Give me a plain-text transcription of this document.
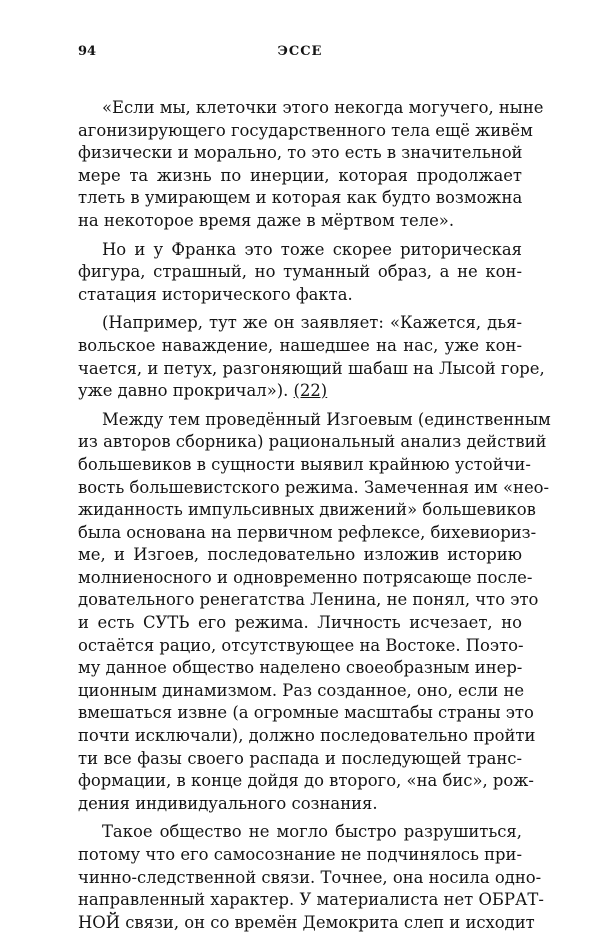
94	ЭССЕ

«Если мы, клеточки этого некогда могучего, ныне
агонизирующего государственного тела ещё живём
физически и морально, то это есть в значительной
мере та жизнь по инерции, которая продолжает
тлеть в умирающем и которая как будто возможна
на некоторое время даже в мёртвом теле».

Но и у Франка это тоже скорее риторическая
фигура, страшный, но туманный образ, а не кон-
статация исторического факта.

(Например, тут же он заявляет: «Кажется, дья-
вольское наваждение, нашедшее на нас, уже кон-
чается, и петух, разгоняющий шабаш на Лысой горе,
уже давно прокричал»). (22)

Между тем проведённый Изгоевым (единственным
из авторов сборника) рациональный анализ действий
большевиков в сущности выявил крайнюю устойчи-
вость большевистского режима. Замеченная им «нео-
жиданность импульсивных движений» большевиков
была основана на первичном рефлексе, бихевиориз-
ме, и Изгоев, последовательно изложив историю
молниеносного и одновременно потрясающе после-
довательного ренегатства Ленина, не понял, что это
и есть СУТЬ его режима. Личность исчезает, но
остаётся рацио, отсутствующее на Востоке. Поэто-
му данное общество наделено своеобразным инер-
ционным динамизмом. Раз созданное, оно, если не
вмешаться извне (а огромные масштабы страны это
почти исключали), должно последовательно пройти
ти все фазы своего распада и последующей транс-
формации, в конце дойдя до второго, «на бис», рож-
дения индивидуального сознания.

Такое общество не могло быстро разрушиться,
потому что его самосознание не подчинялось при-
чинно-следственной связи. Точнее, она носила одно-
направленный характер. У материалиста нет ОБРАТ-
НОЙ связи, он со времён Демокрита слеп и исходит
